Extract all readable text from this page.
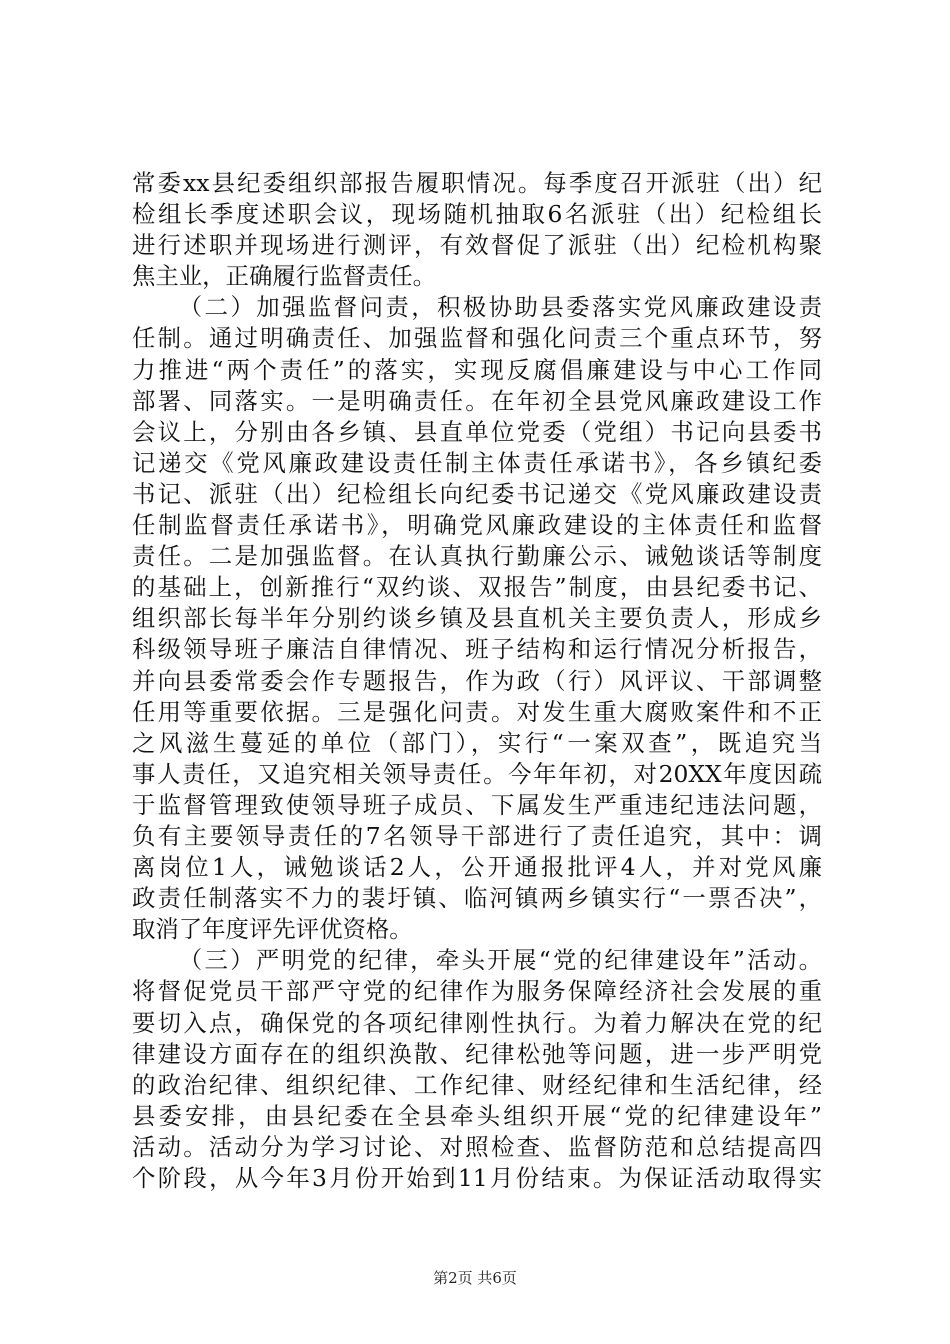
常委xx县纪委组织部报告履职情况。每季度召开派驻（出）纪
检组长季度述职会议，现场随机抽取6名派驻（出）纪检组长
进行述职并现场进行测评，有效督促了派驻（出）纪检机构聚
焦主业，正确履行监督责任。

（二）加强监督问责，积极协助县委落实党风廉政建设责

任制。通过明确责任、加强监督和强化问责三个重点环节，努
力推进“两个责任”的落实，实现反腐倡廉建设与中心工作同
部署、同落实。一是明确责任。在年初全县党风廉政建设工作
会议上，分别由各乡镇、县直单位党委（党组）书记向县委书
记递交《党风廉政建设责任制主体责任承诺书》，各乡镇纪委
书记、派驻（出）纪检组长向纪委书记递交《党风廉政建设责
任制监督责任承诺书》，明确党风廉政建设的主体责任和监督
责任。二是加强监督。在认真执行勤廉公示、诫勉谈话等制度
的基础上，创新推行“双约谈、双报告”制度，由县纪委书记、
组织部长每半年分别约谈乡镇及县直机关主要负责人，形成乡
科级领导班子廉洁自律情况、班子结构和运行情况分析报告，
并向县委常委会作专题报告，作为政（行）风评议、干部调整
任用等重要依据。三是强化问责。对发生重大腐败案件和不正
之风滋生蔓延的单位（部门），实行“一案双查”，既追究当
事人责任，又追究相关领导责任。今年年初，对20XX年度因疏
于监督管理致使领导班子成员、下属发生严重违纪违法问题，
负有主要领导责任的7名领导干部进行了责任追究，其中：调
离岗位1人，诫勉谈话2人，公开通报批评4人，并对党风廉
政责任制落实不力的裴圩镇、临河镇两乡镇实行“一票否决”，
取消了年度评先评优资格。

（三）严明党的纪律，牵头开展“党的纪律建设年”活动。

将督促党员干部严守党的纪律作为服务保障经济社会发展的重
要切入点，确保党的各项纪律刚性执行。为着力解决在党的纪
律建设方面存在的组织涣散、纪律松弛等问题，进一步严明党
的政治纪律、组织纪律、工作纪律、财经纪律和生活纪律，经
县委安排，由县纪委在全县牵头组织开展“党的纪律建设年”
活动。活动分为学习讨论、对照检查、监督防范和总结提高四
个阶段，从今年3月份开始到11月份结束。为保证活动取得实

第2页 共6页
